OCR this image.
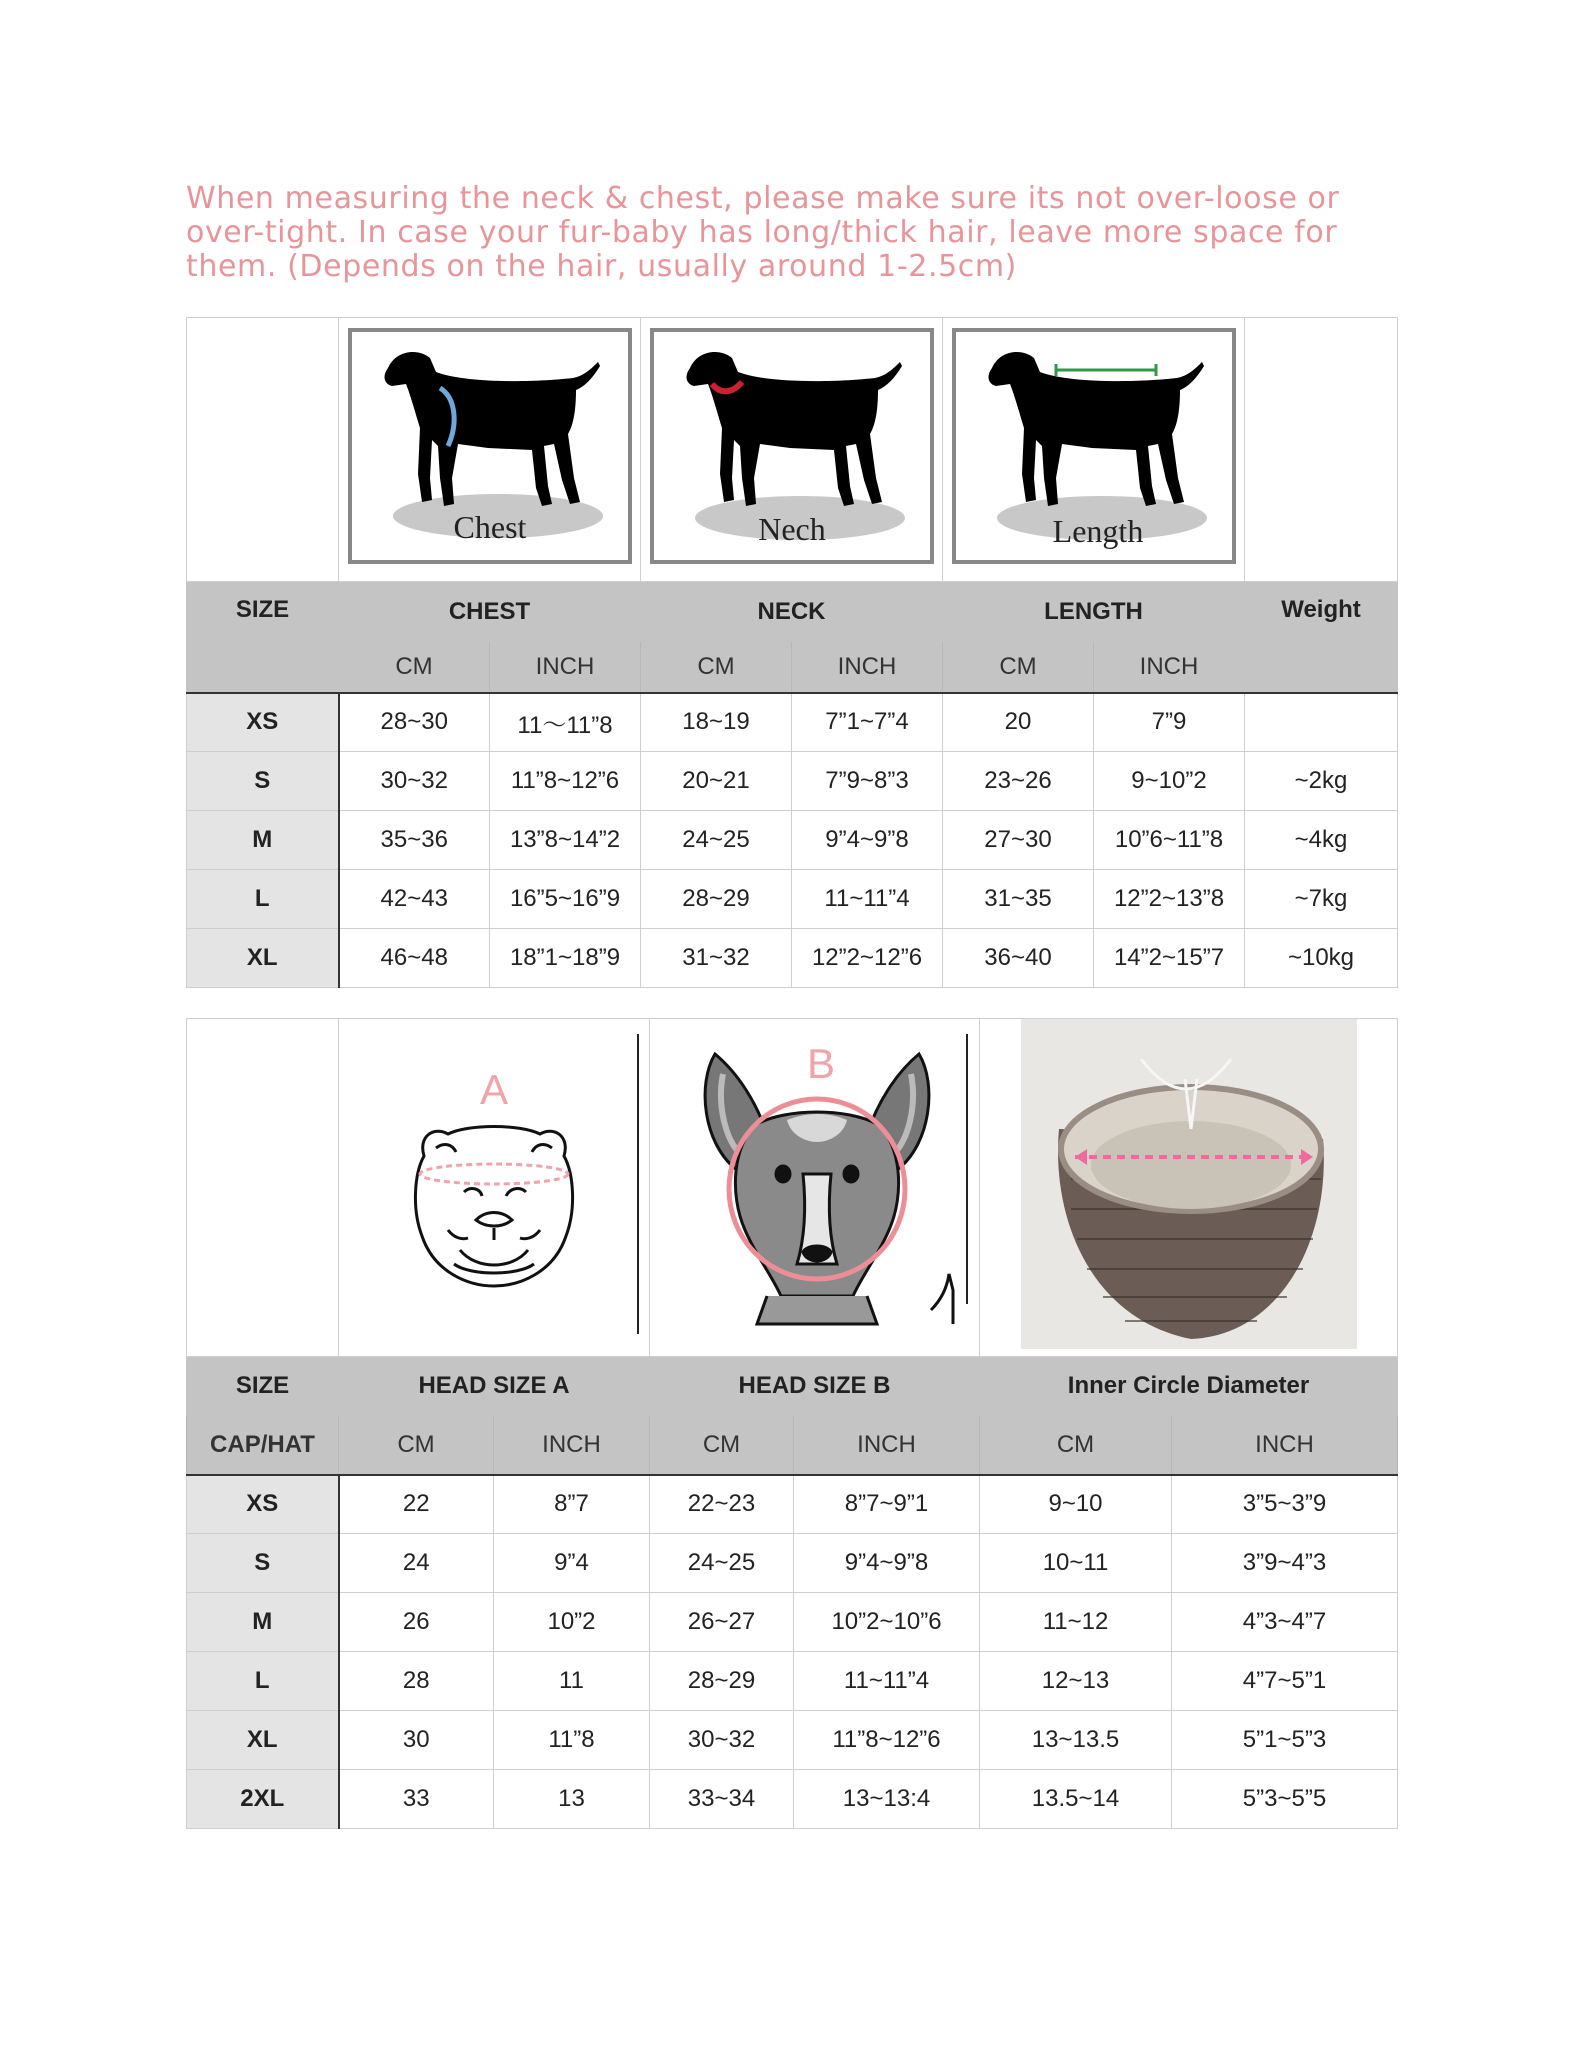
When measuring the neck & chest, please make sure its not over-loose or over-tight. In case your fur-baby has long/thick hair, leave more space for them. (Depends on the hair, usually around 1-2.5cm)

Chest		Nech		Length		

SIZE	CHEST		NECK		LENGTH		Weight
	CM	INCH	CM	INCH	CM	INCH	
XS	28~30	11～11”8	18~19	7”1~7”4	20	7”9	
S	30~32	11”8~12”6	20~21	7”9~8”3	23~26	9~10”2	~2kg
M	35~36	13”8~14”2	24~25	9”4~9”8	27~30	10”6~11”8	~4kg
L	42~43	16”5~16”9	28~29	11~11”4	31~35	12”2~13”8	~7kg
XL	46~48	18”1~18”9	31~32	12”2~12”6	36~40	14”2~15”7	~10kg

A		B

SIZE	HEAD SIZE A		HEAD SIZE B		Inner Circle Diameter	
CAP/HAT	CM	INCH	CM	INCH	CM	INCH
XS	22	8”7	22~23	8”7~9”1	9~10	3”5~3”9
S	24	9”4	24~25	9”4~9”8	10~11	3”9~4”3
M	26	10”2	26~27	10”2~10”6	11~12	4”3~4”7
L	28	11	28~29	11~11”4	12~13	4”7~5”1
XL	30	11”8	30~32	11”8~12”6	13~13.5	5”1~5”3
2XL	33	13	33~34	13~13:4	13.5~14	5”3~5”5
